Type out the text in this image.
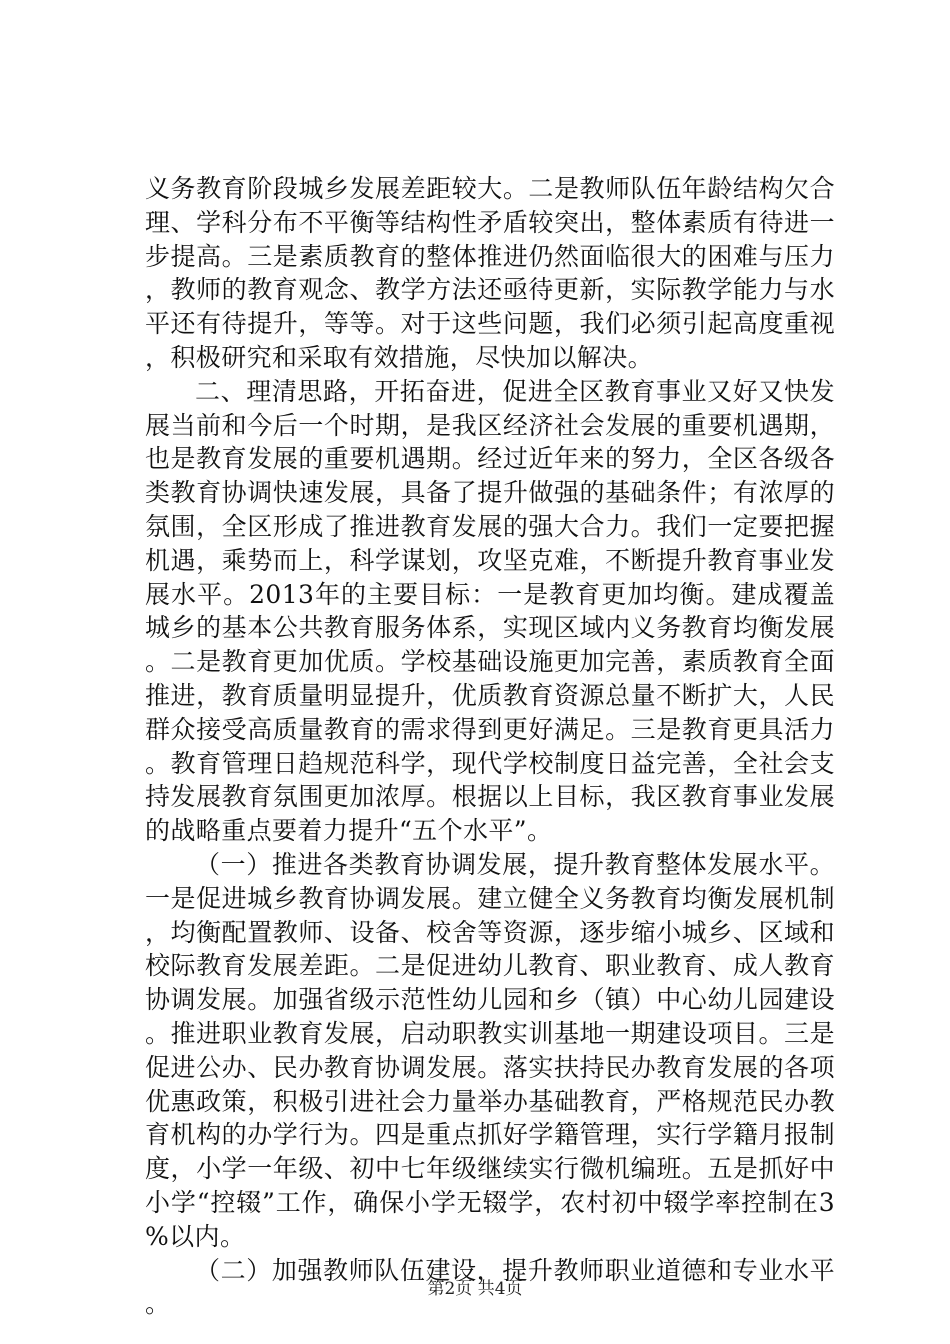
义务教育阶段城乡发展差距较大。二是教师队伍年龄结构欠合理、学科分布不平衡等结构性矛盾较突出，整体素质有待进一步提高。三是素质教育的整体推进仍然面临很大的困难与压力，教师的教育观念、教学方法还亟待更新，实际教学能力与水平还有待提升，等等。对于这些问题，我们必须引起高度重视，积极研究和采取有效措施，尽快加以解决。

二、理清思路，开拓奋进，促进全区教育事业又好又快发展当前和今后一个时期，是我区经济社会发展的重要机遇期，也是教育发展的重要机遇期。经过近年来的努力，全区各级各类教育协调快速发展，具备了提升做强的基础条件；有浓厚的氛围，全区形成了推进教育发展的强大合力。我们一定要把握机遇，乘势而上，科学谋划，攻坚克难，不断提升教育事业发展水平。2013年的主要目标：一是教育更加均衡。建成覆盖城乡的基本公共教育服务体系，实现区域内义务教育均衡发展。二是教育更加优质。学校基础设施更加完善，素质教育全面推进，教育质量明显提升，优质教育资源总量不断扩大，人民群众接受高质量教育的需求得到更好满足。三是教育更具活力。教育管理日趋规范科学，现代学校制度日益完善，全社会支持发展教育氛围更加浓厚。根据以上目标，我区教育事业发展的战略重点要着力提升“五个水平”。

（一）推进各类教育协调发展，提升教育整体发展水平。一是促进城乡教育协调发展。建立健全义务教育均衡发展机制，均衡配置教师、设备、校舍等资源，逐步缩小城乡、区域和校际教育发展差距。二是促进幼儿教育、职业教育、成人教育协调发展。加强省级示范性幼儿园和乡（镇）中心幼儿园建设。推进职业教育发展，启动职教实训基地一期建设项目。三是促进公办、民办教育协调发展。落实扶持民办教育发展的各项优惠政策，积极引进社会力量举办基础教育，严格规范民办教育机构的办学行为。四是重点抓好学籍管理，实行学籍月报制度，小学一年级、初中七年级继续实行微机编班。五是抓好中小学“控辍”工作，确保小学无辍学，农村初中辍学率控制在3%以内。

（二）加强教师队伍建设，提升教师职业道德和专业水平。

第2页 共4页
